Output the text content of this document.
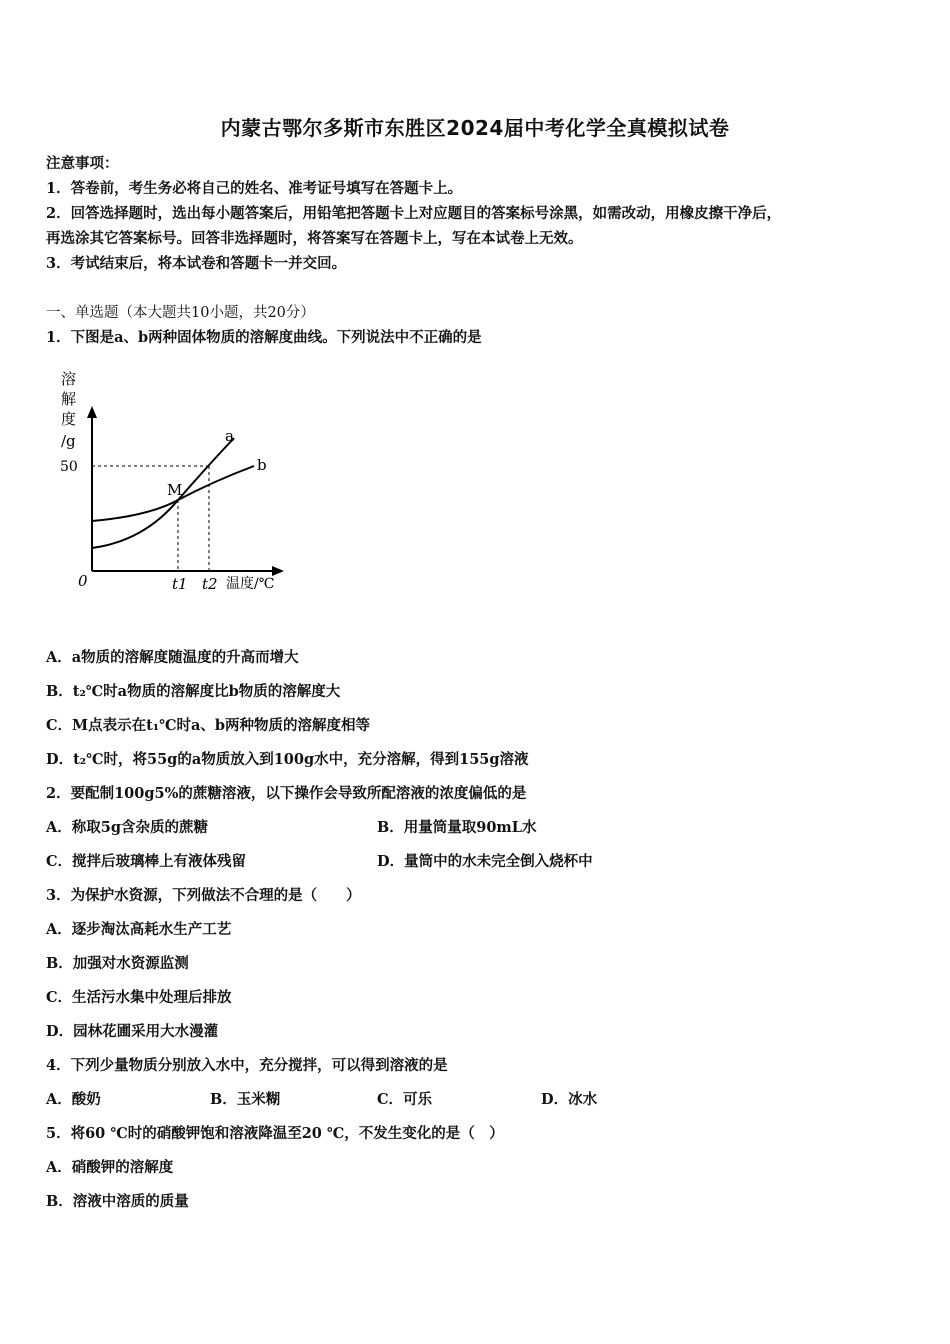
内蒙古鄂尔多斯市东胜区2024届中考化学全真模拟试卷
注意事项：
1．答卷前，考生务必将自己的姓名、准考证号填写在答题卡上。
2．回答选择题时，选出每小题答案后，用铅笔把答题卡上对应题目的答案标号涂黑，如需改动，用橡皮擦干净后，
再选涂其它答案标号。回答非选择题时，将答案写在答题卡上，写在本试卷上无效。
3．考试结束后，将本试卷和答题卡一并交回。
一、单选题（本大题共10小题，共20分）
1．下图是a、b两种固体物质的溶解度曲线。下列说法中不正确的是
溶
解
度
/g	a
b
M
50
0	t1 t2 温度/℃
A．a物质的溶解度随温度的升高而增大
B．t₂℃时a物质的溶解度比b物质的溶解度大
C．M点表示在t₁℃时a、b两种物质的溶解度相等
D．t₂℃时，将55g的a物质放入到100g水中，充分溶解，得到155g溶液
2．要配制100g5%的蔗糖溶液，以下操作会导致所配溶液的浓度偏低的是
A．称取5g含杂质的蔗糖	B．用量筒量取90mL水
C．搅拌后玻璃棒上有液体残留	D．量筒中的水未完全倒入烧杯中
3．为保护水资源，下列做法不合理的是（　　）
A．逐步淘汰高耗水生产工艺
B．加强对水资源监测
C．生活污水集中处理后排放
D．园林花圃采用大水漫灌
4．下列少量物质分别放入水中，充分搅拌，可以得到溶液的是
A．酸奶	B．玉米糊	C．可乐	D．冰水
5．将60 ℃时的硝酸钾饱和溶液降温至20 ℃，不发生变化的是（　）
A．硝酸钾的溶解度
B．溶液中溶质的质量
